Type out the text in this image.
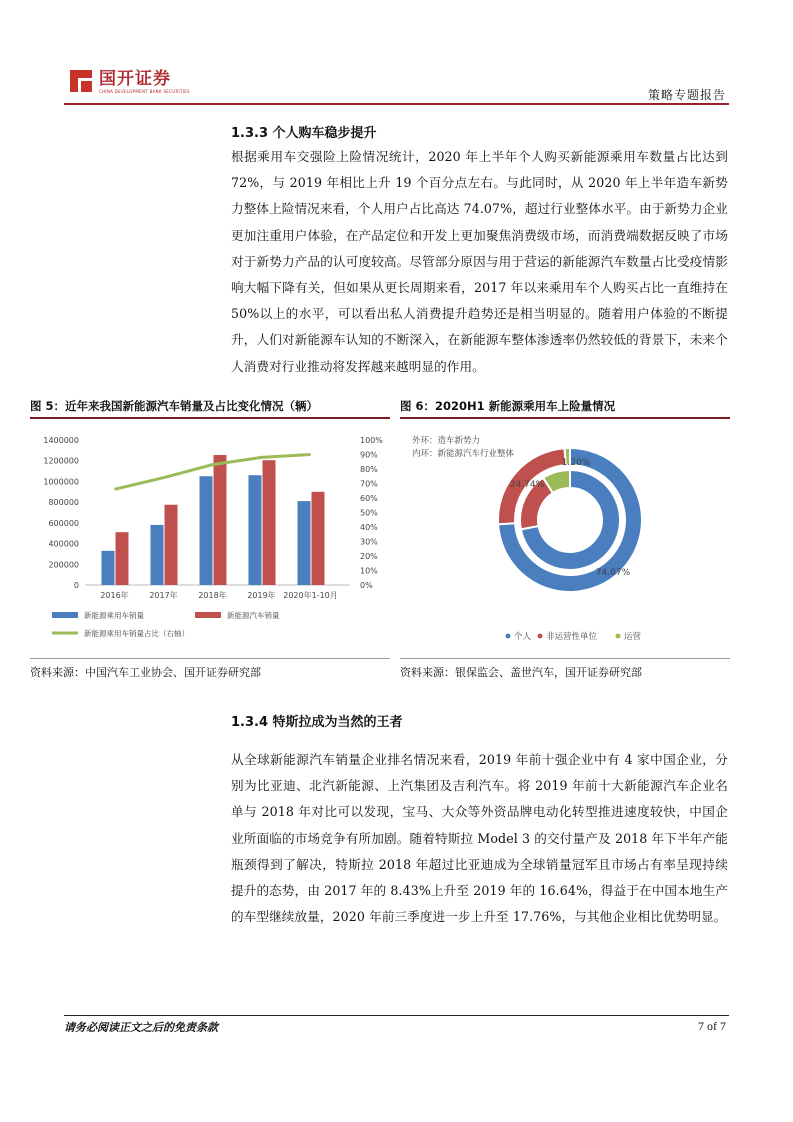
国开证券
CHINA DEVELOPMENT BANK SECURITIES	策略专题报告
1.3.3 个人购车稳步提升
根据乘用车交强险上险情况统计，2020 年上半年个人购买新能源乘用车数量占比达到 72%，与 2019 年相比上升 19 个百分点左右。与此同时，从 2020 年上半年造车新势力整体上险情况来看，个人用户占比高达 74.07%，超过行业整体水平。由于新势力企业更加注重用户体验，在产品定位和开发上更加聚焦消费级市场，而消费端数据反映了市场对于新势力产品的认可度较高。尽管部分原因与用于营运的新能源汽车数量占比受疫情影响大幅下降有关，但如果从更长周期来看，2017 年以来乘用车个人购买占比一直维持在 50%以上的水平，可以看出私人消费提升趋势还是相当明显的。随着用户体验的不断提升，人们对新能源车认知的不断深入，在新能源车整体渗透率仍然较低的背景下，未来个人消费对行业推动将发挥越来越明显的作用。
图 5：近年来我国新能源汽车销量及占比变化情况（辆）
1400000
1200000
1000000
800000
600000
400000
200000
0
100%
90%
80%
70%
60%
50%
40%
30%
20%
10%
0%
2016年	2017年	2018年	2019年 2020年1-10月
新能源乘用车销量	新能源汽车销量
新能源乘用车销量占比（右轴）
资料来源：中国汽车工业协会、国开证券研究部
图 6：2020H1 新能源乘用车上险量情况
外环：造车新势力
内环：新能源汽车行业整体
74.07%
24.74%
1.20%
个人 非运营性单位	运营
资料来源：银保监会、盖世汽车，国开证券研究部
1.3.4 特斯拉成为当然的王者
从全球新能源汽车销量企业排名情况来看，2019 年前十强企业中有 4 家中国企业，分别为比亚迪、北汽新能源、上汽集团及吉利汽车。将 2019 年前十大新能源汽车企业名单与 2018 年对比可以发现，宝马、大众等外资品牌电动化转型推进速度较快，中国企业所面临的市场竞争有所加剧。随着特斯拉 Model 3 的交付量产及 2018 年下半年产能瓶颈得到了解决，特斯拉 2018 年超过比亚迪成为全球销量冠军且市场占有率呈现持续提升的态势，由 2017 年的 8.43%上升至 2019 年的 16.64%，得益于在中国本地生产的车型继续放量，2020 年前三季度进一步上升至 17.76%，与其他企业相比优势明显。
请务必阅读正文之后的免责条款	7 of 7
